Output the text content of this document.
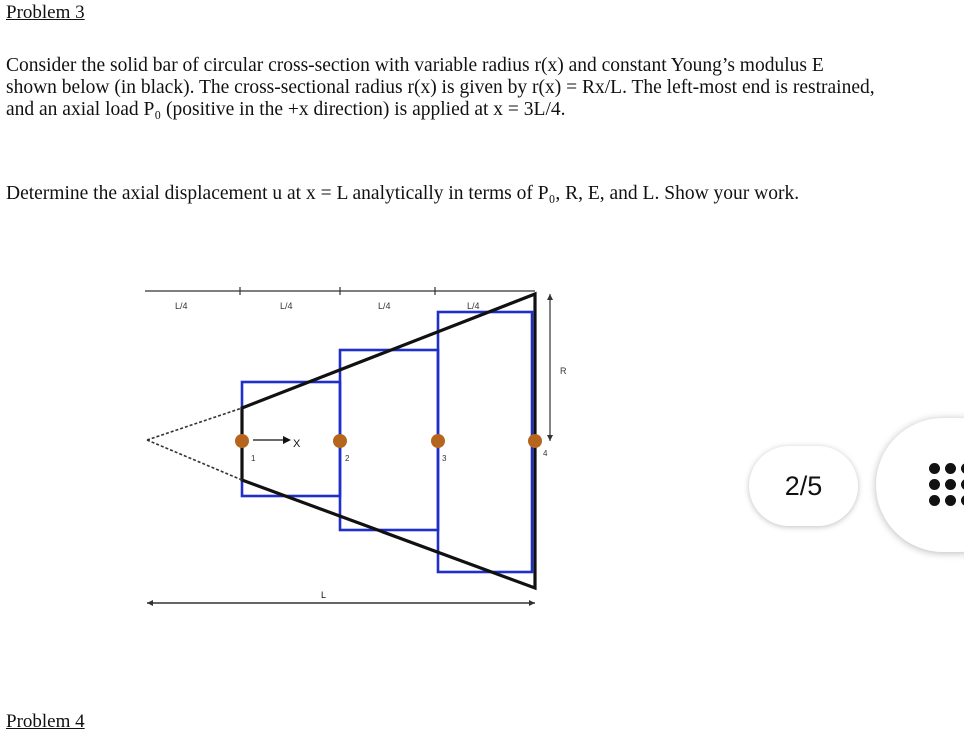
Problem 3

Consider the solid bar of circular cross-section with variable radius r(x) and constant Young’s modulus E shown below (in black). The cross-sectional radius r(x) is given by r(x) = Rx/L. The left-most end is restrained, and an axial load P₀ (positive in the +x direction) is applied at x = 3L/4.

Determine the axial displacement u at x = L analytically in terms of P₀, R, E, and L. Show your work.

L/4	L/4	L/4	L/4
X
1	2	3
4
R
L
2/5
Problem 4
